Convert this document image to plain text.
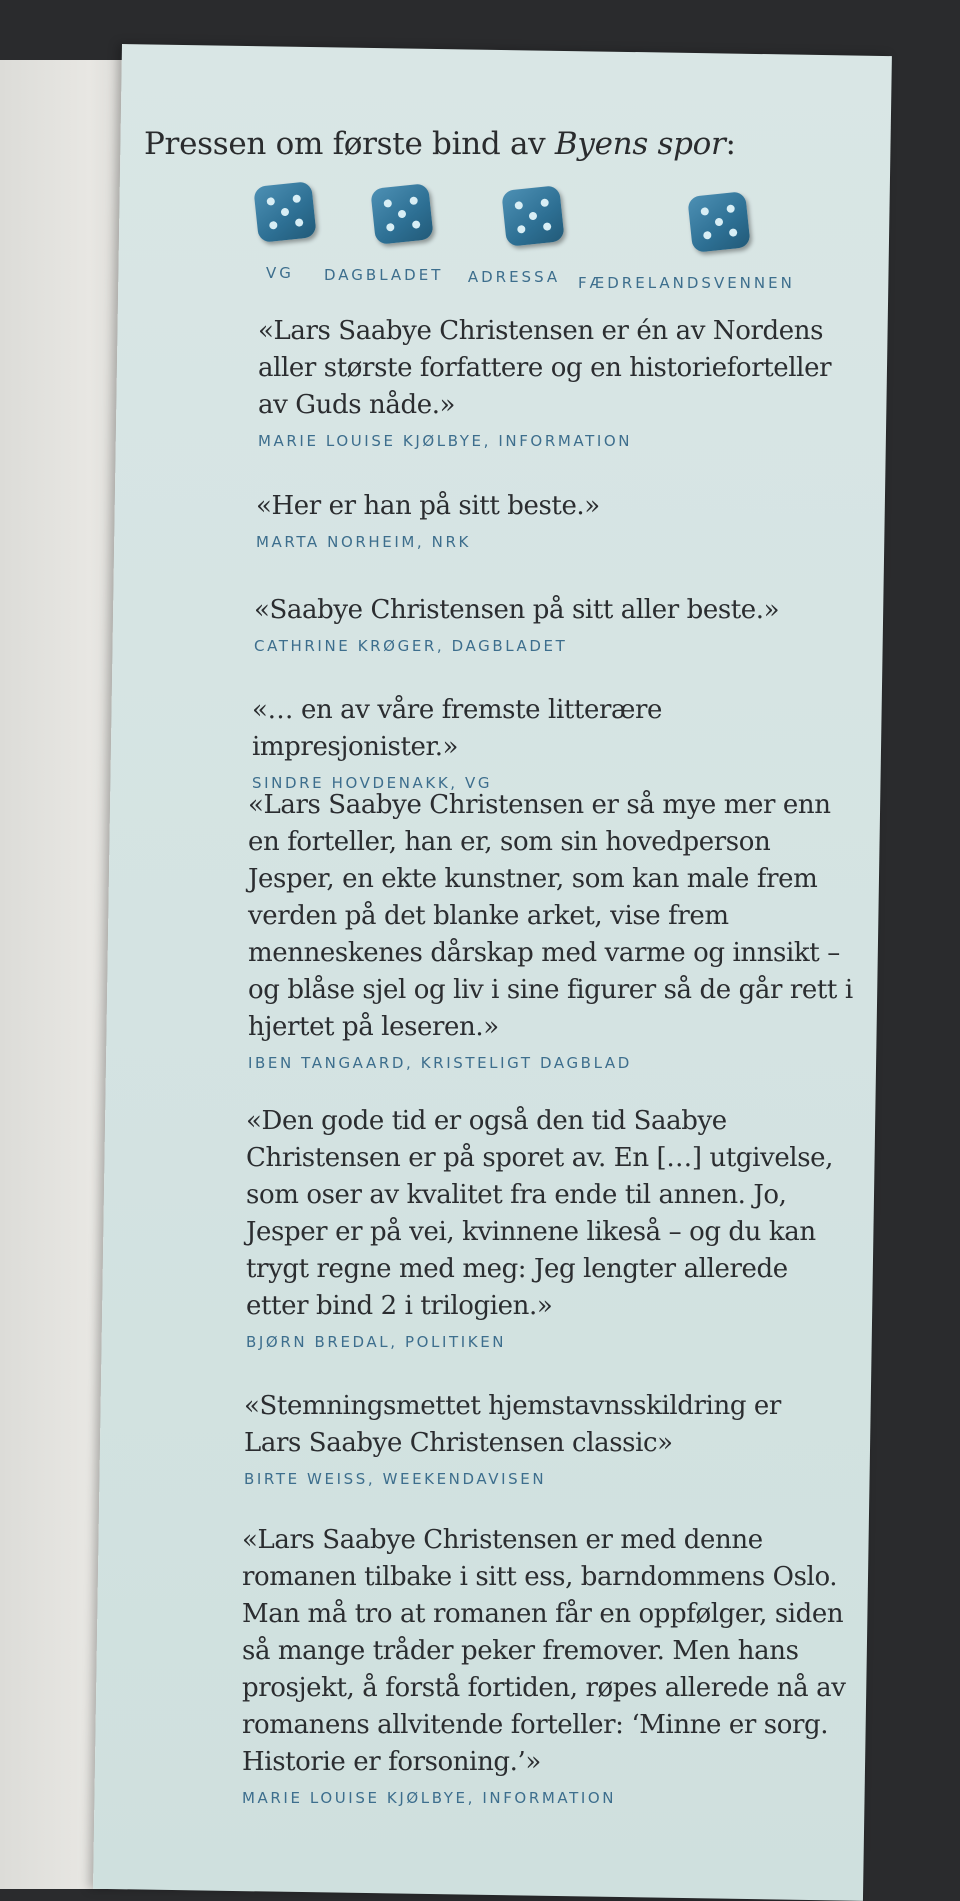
Pressen om første bind av Byens spor:
VG	DAGBLADET ADRESSA FÆDRELANDSVENNEN
«Lars Saabye Christensen er én av Nordens aller største forfattere og en historieforteller av Guds nåde.»
MARIE LOUISE KJØLBYE, INFORMATION
«Her er han på sitt beste.»
MARTA NORHEIM, NRK
«Saabye Christensen på sitt aller beste.»
CATHRINE KRØGER, DAGBLADET
«… en av våre fremste litterære impresjonister.»
SINDRE HOVDENAKK, VG
«Lars Saabye Christensen er så mye mer enn en forteller, han er, som sin hovedperson Jesper, en ekte kunstner, som kan male frem verden på det blanke arket, vise frem menneskenes dårskap med varme og innsikt – og blåse sjel og liv i sine figurer så de går rett i hjertet på leseren.»
IBEN TANGAARD, KRISTELIGT DAGBLAD
«Den gode tid er også den tid Saabye Christensen er på sporet av. En […] utgivelse, som oser av kvalitet fra ende til annen. Jo, Jesper er på vei, kvinnene likeså – og du kan trygt regne med meg: Jeg lengter allerede etter bind 2 i trilogien.»
BJØRN BREDAL, POLITIKEN
«Stemningsmettet hjemstavnsskildring er Lars Saabye Christensen classic»
BIRTE WEISS, WEEKENDAVISEN
«Lars Saabye Christensen er med denne romanen tilbake i sitt ess, barndommens Oslo. Man må tro at romanen får en oppfølger, siden så mange tråder peker fremover. Men hans prosjekt, å forstå fortiden, røpes allerede nå av romanens allvitende forteller: ‘Minne er sorg. Historie er forsoning.’»
MARIE LOUISE KJØLBYE, INFORMATION
